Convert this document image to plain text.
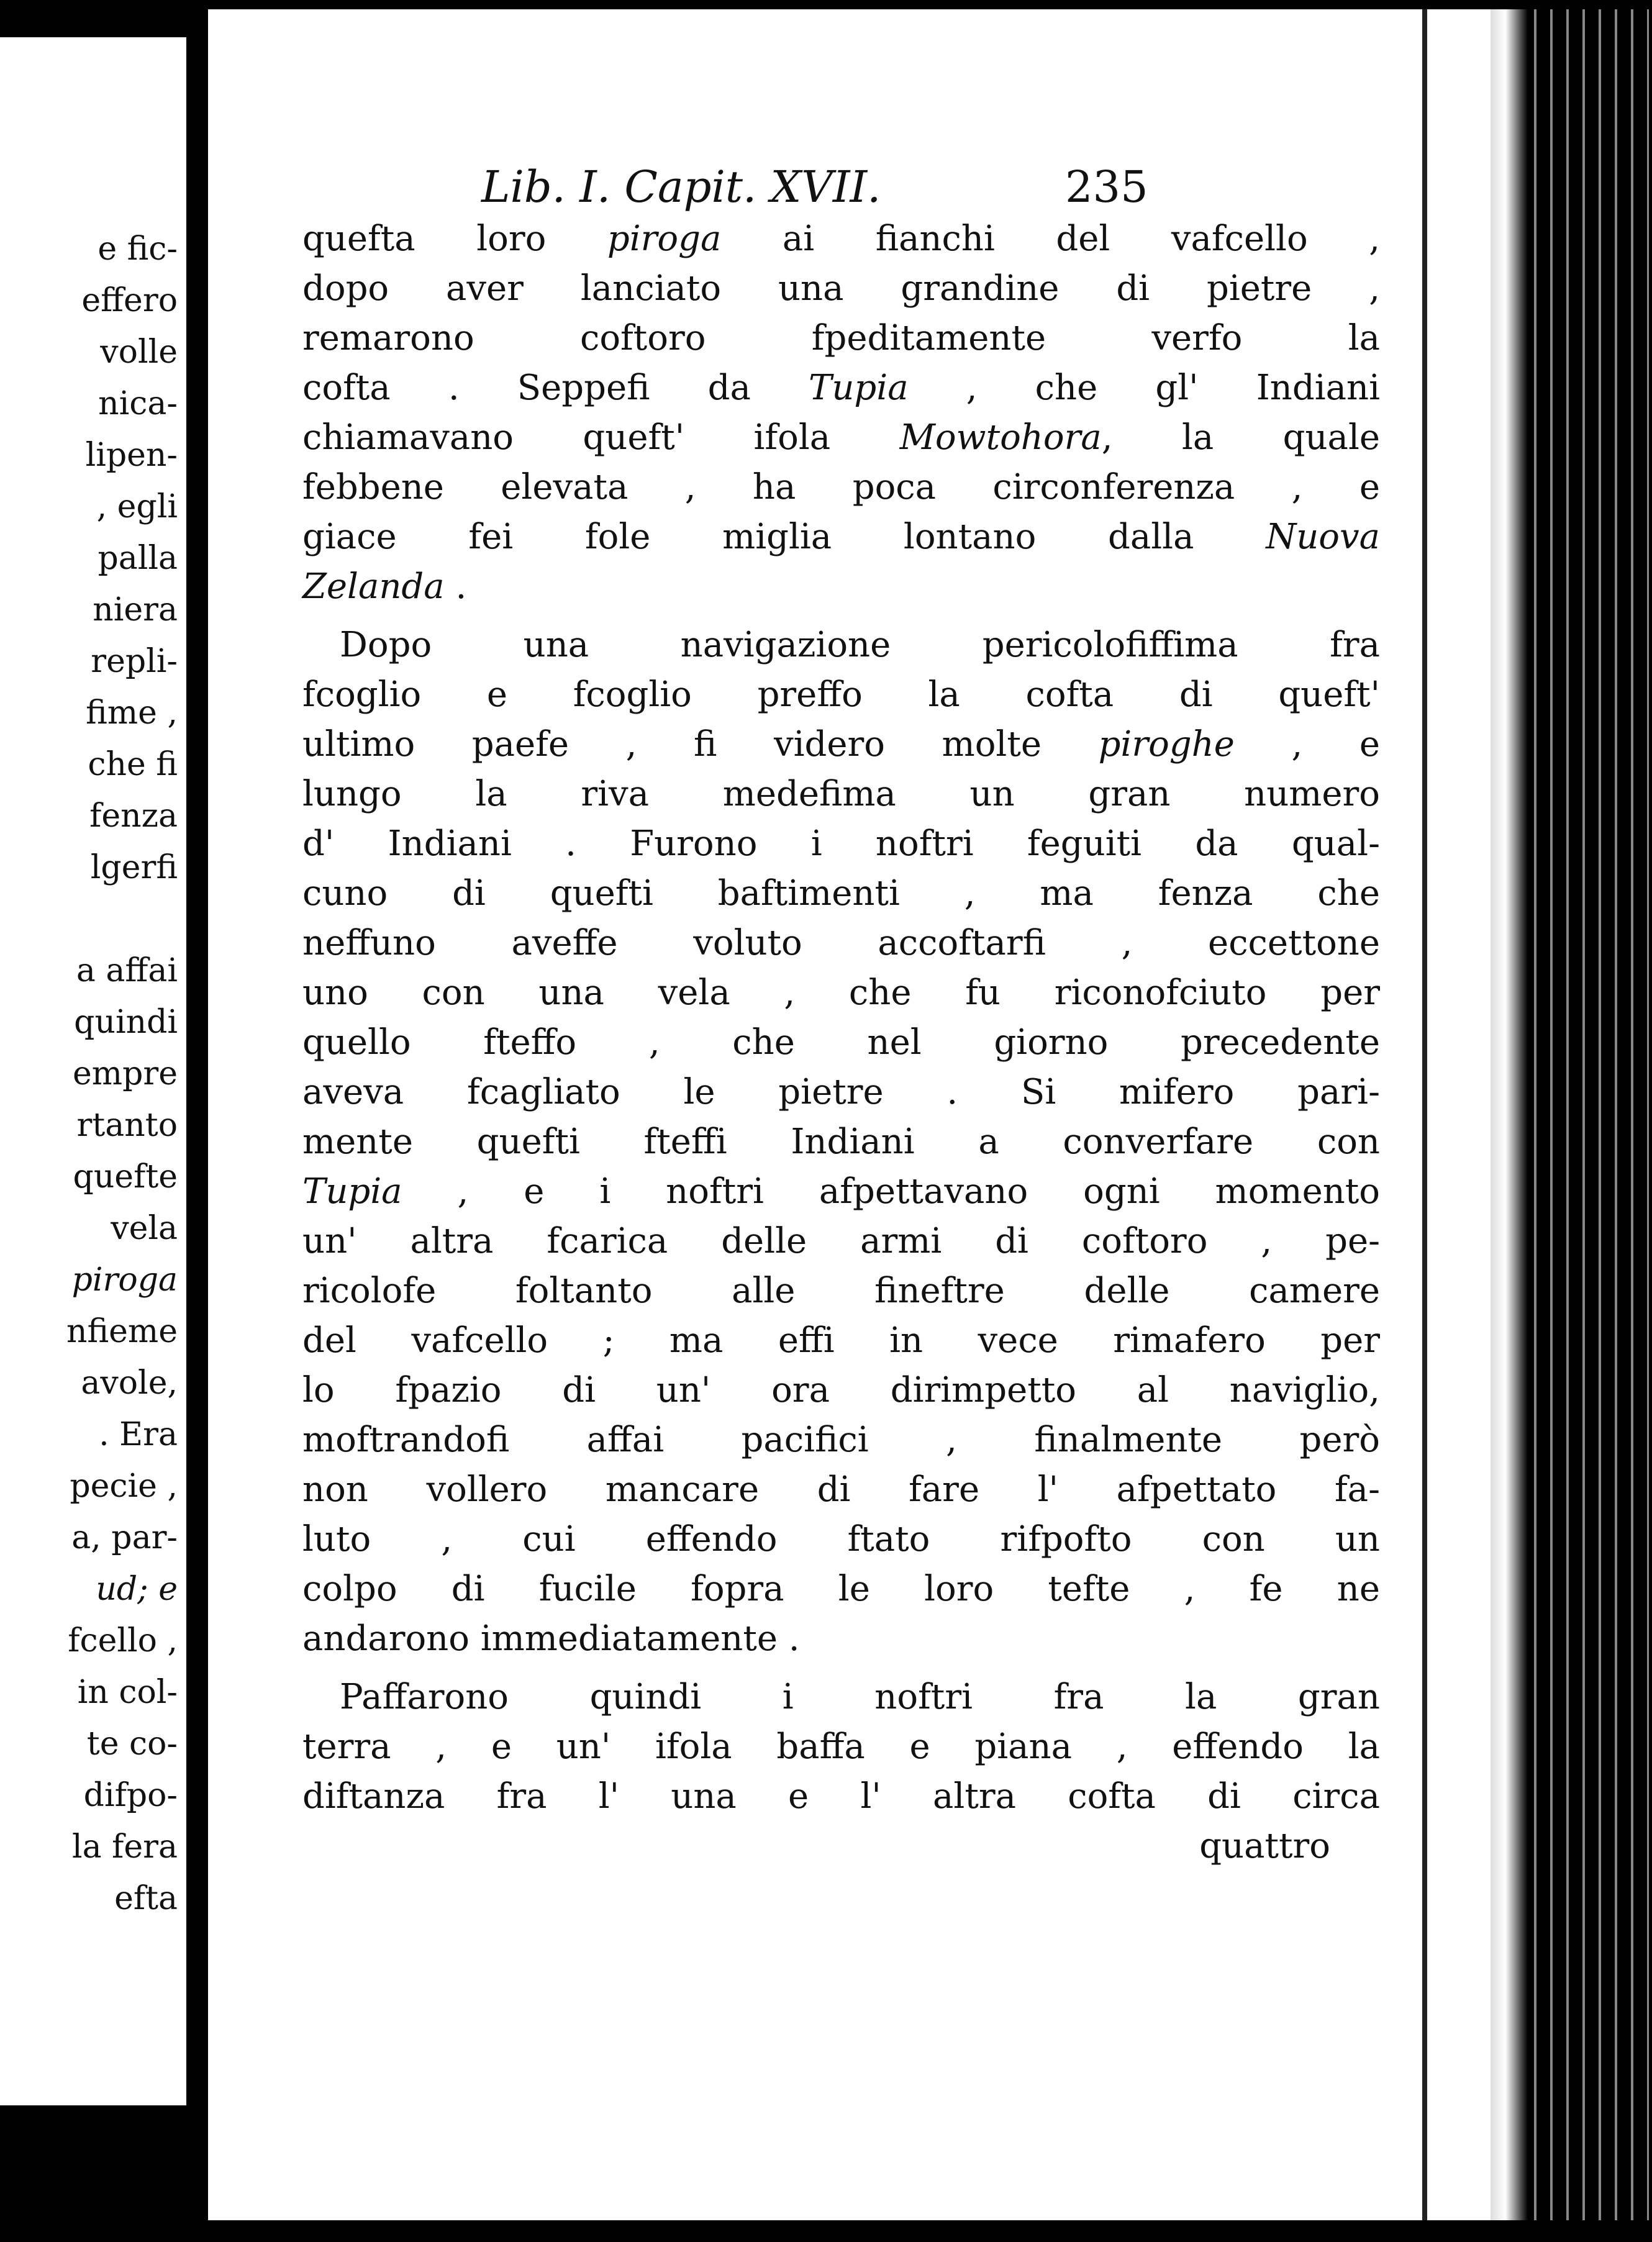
e fic-
effero
volle
nica-
lipen-
, egli
palla
niera
repli-
fime ,
che fi
fenza
lgerfi

a affai
quindi
empre
rtanto
quefte
vela
piroga
nfieme
avole,
. Era
pecie ,
a, par-
ud; e
fcello ,
in col-
te co-
difpo-
la fera
efta
Lib. I. Capit. XVII.	235
quefta loro piroga ai fianchi del vafcello ,
dopo aver lanciato una grandine di pietre ,
remarono coftoro fpeditamente verfo la
cofta . Seppefi da Tupia , che gl' Indiani
chiamavano queft' ifola Mowtohora, la quale
febbene elevata , ha poca circonferenza , e
giace fei fole miglia lontano dalla Nuova
Zelanda .
Dopo una navigazione pericolofiffima fra
fcoglio e fcoglio preffo la cofta di queft'
ultimo paefe , fi videro molte piroghe , e
lungo la riva medefima un gran numero
d' Indiani . Furono i noftri feguiti da qual-
cuno di quefti baftimenti , ma fenza che
neffuno aveffe voluto accoftarfi , eccettone
uno con una vela , che fu riconofciuto per
quello fteffo , che nel giorno precedente
aveva fcagliato le pietre . Si mifero pari-
mente quefti fteffi Indiani a converfare con
Tupia , e i noftri afpettavano ogni momento
un' altra fcarica delle armi di coftoro , pe-
ricolofe foltanto alle fineftre delle camere
del vafcello ; ma effi in vece rimafero per
lo fpazio di un' ora dirimpetto al naviglio,
moftrandofi affai pacifici , finalmente però
non vollero mancare di fare l' afpettato fa-
luto , cui effendo ftato rifpofto con un
colpo di fucile fopra le loro tefte , fe ne
andarono immediatamente .
Paffarono quindi i noftri fra la gran
terra , e un' ifola baffa e piana , effendo la
diftanza fra l' una e l' altra cofta di circa
quattro
